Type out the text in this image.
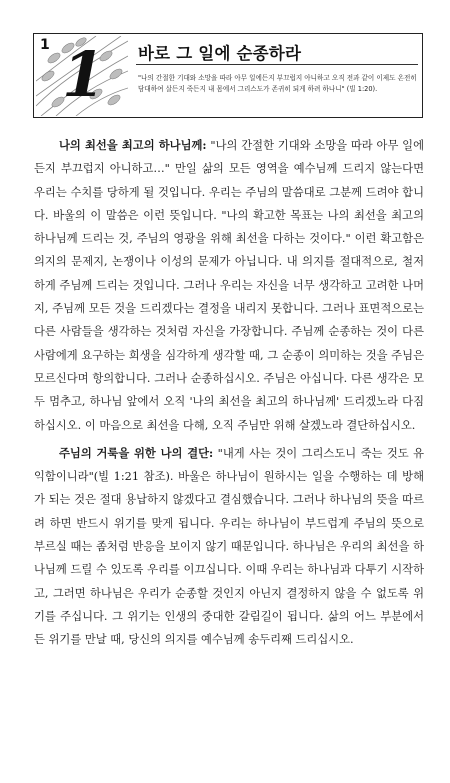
1 1 바로 그 일에 순종하라
"나의 간절한 기대와 소망을 따라 아무 일에든지 부끄럽지 아니하고 오직 전과 같이 이제도 온전히 담대하여 살든지 죽든지 내 몸에서 그리스도가 존귀히 되게 하려 하나니" (빌 1:20).

나의 최선을 최고의 하나님께: "나의 간절한 기대와 소망을 따라 아무 일에든지 부끄럽지 아니하고…" 만일 삶의 모든 영역을 예수님께 드리지 않는다면 우리는 수치를 당하게 될 것입니다. 우리는 주님의 말씀대로 그분께 드려야 합니다. 바울의 이 말씀은 이런 뜻입니다. "나의 확고한 목표는 나의 최선을 최고의 하나님께 드리는 것, 주님의 영광을 위해 최선을 다하는 것이다." 이런 확고함은 의지의 문제지, 논쟁이나 이성의 문제가 아닙니다. 내 의지를 절대적으로, 철저하게 주님께 드리는 것입니다. 그러나 우리는 자신을 너무 생각하고 고려한 나머지, 주님께 모든 것을 드리겠다는 결정을 내리지 못합니다. 그러나 표면적으로는 다른 사람들을 생각하는 것처럼 자신을 가장합니다. 주님께 순종하는 것이 다른 사람에게 요구하는 희생을 심각하게 생각할 때, 그 순종이 의미하는 것을 주님은 모르신다며 항의합니다. 그러나 순종하십시오. 주님은 아십니다. 다른 생각은 모두 멈추고, 하나님 앞에서 오직 '나의 최선을 최고의 하나님께' 드리겠노라 다짐하십시오. 이 마음으로 최선을 다해, 오직 주님만 위해 살겠노라 결단하십시오.

주님의 거룩을 위한 나의 결단: "내게 사는 것이 그리스도니 죽는 것도 유익함이니라"(빌 1:21 참조). 바울은 하나님이 원하시는 일을 수행하는 데 방해가 되는 것은 절대 용납하지 않겠다고 결심했습니다. 그러나 하나님의 뜻을 따르려 하면 반드시 위기를 맞게 됩니다. 우리는 하나님이 부드럽게 주님의 뜻으로 부르실 때는 좀처럼 반응을 보이지 않기 때문입니다. 하나님은 우리의 최선을 하나님께 드릴 수 있도록 우리를 이끄십니다. 이때 우리는 하나님과 다투기 시작하고, 그러면 하나님은 우리가 순종할 것인지 아닌지 결정하지 않을 수 없도록 위기를 주십니다. 그 위기는 인생의 중대한 갈림길이 됩니다. 삶의 어느 부분에서든 위기를 만날 때, 당신의 의지를 예수님께 송두리째 드리십시오.
